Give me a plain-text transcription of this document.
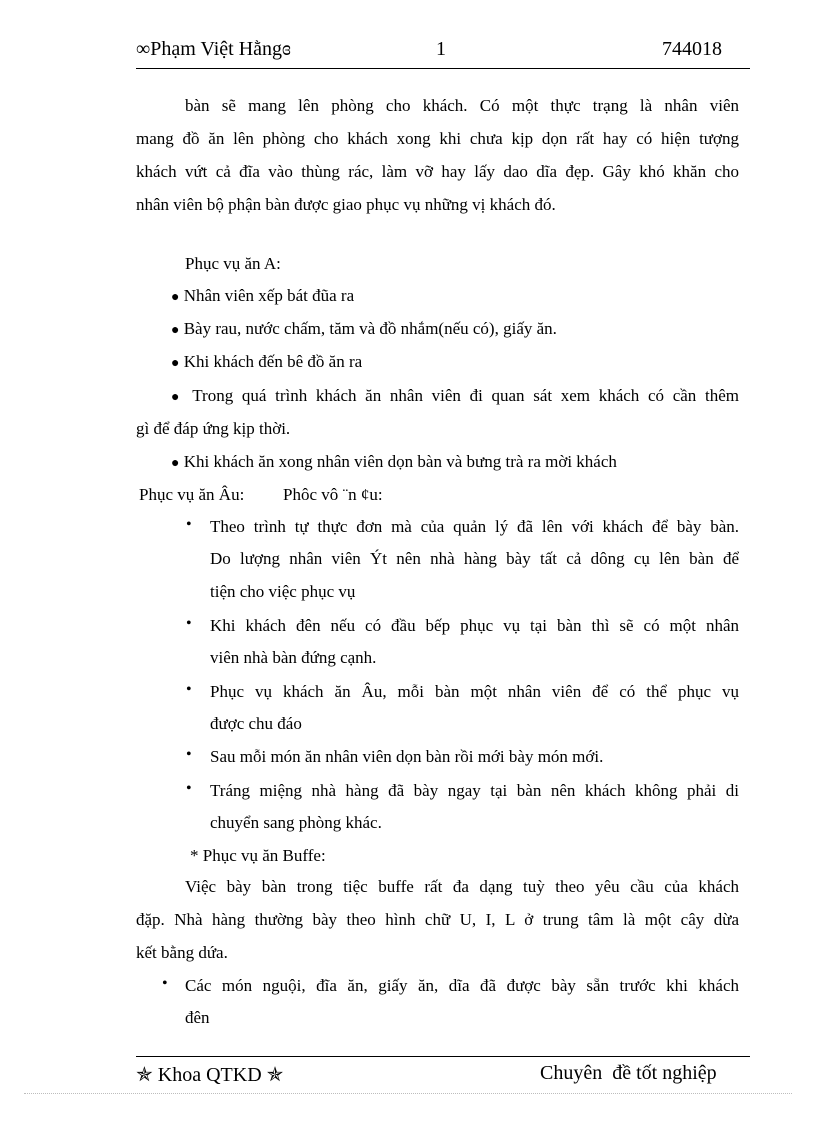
∞Phạm Việt Hằngɞ	1	744018
bàn sẽ mang lên phòng cho khách. Có một thực trạng là nhân viên
mang đồ ăn lên phòng cho khách xong khi chưa kịp dọn rất hay có hiện tượng
khách vứt cả đĩa vào thùng rác, làm vỡ hay lấy dao dĩa đẹp. Gây khó khăn cho
nhân viên bộ phận bàn được giao phục vụ những vị khách đó.
Phục vụ ăn A:
● Nhân viên xếp bát đũa ra
● Bày rau, nước chấm, tăm và đồ nhắm(nếu có), giấy ăn.
● Khi khách đến bê đồ ăn ra
● Trong quá trình khách ăn nhân viên đi quan sát xem khách có cần thêm
gì để đáp ứng kịp thời.
● Khi khách ăn xong nhân viên dọn bàn và bưng trà ra mời khách
Phục vụ ăn Âu: Phôc vô ¨n ¢u:
• Theo trình tự thực đơn mà của quản lý đã lên với khách để bày bàn.
Do lượng nhân viên Ýt nên nhà hàng bày tất cả dông cụ lên bàn để
tiện cho việc phục vụ
• Khi khách đên nếu có đầu bếp phục vụ tại bàn thì sẽ có một nhân
viên nhà bàn đứng cạnh.
• Phục vụ khách ăn Âu, mỗi bàn một nhân viên để có thể phục vụ
được chu đáo
• Sau mỗi món ăn nhân viên dọn bàn rồi mới bày món mới.
• Tráng miệng nhà hàng đã bày ngay tại bàn nên khách không phải di
chuyển sang phòng khác.
* Phục vụ ăn Buffe:
Việc bày bàn trong tiệc buffe rất đa dạng tuỳ theo yêu cầu của khách
đặp. Nhà hàng thường bày theo hình chữ U, I, L ở trung tâm là một cây dừa
kết bằng dứa.
• Các món nguội, đĩa ăn, giấy ăn, dĩa đã được bày sẵn trước khi khách
đên
✯ Khoa QTKD ✯	Chuyên  đề tốt nghiệp
